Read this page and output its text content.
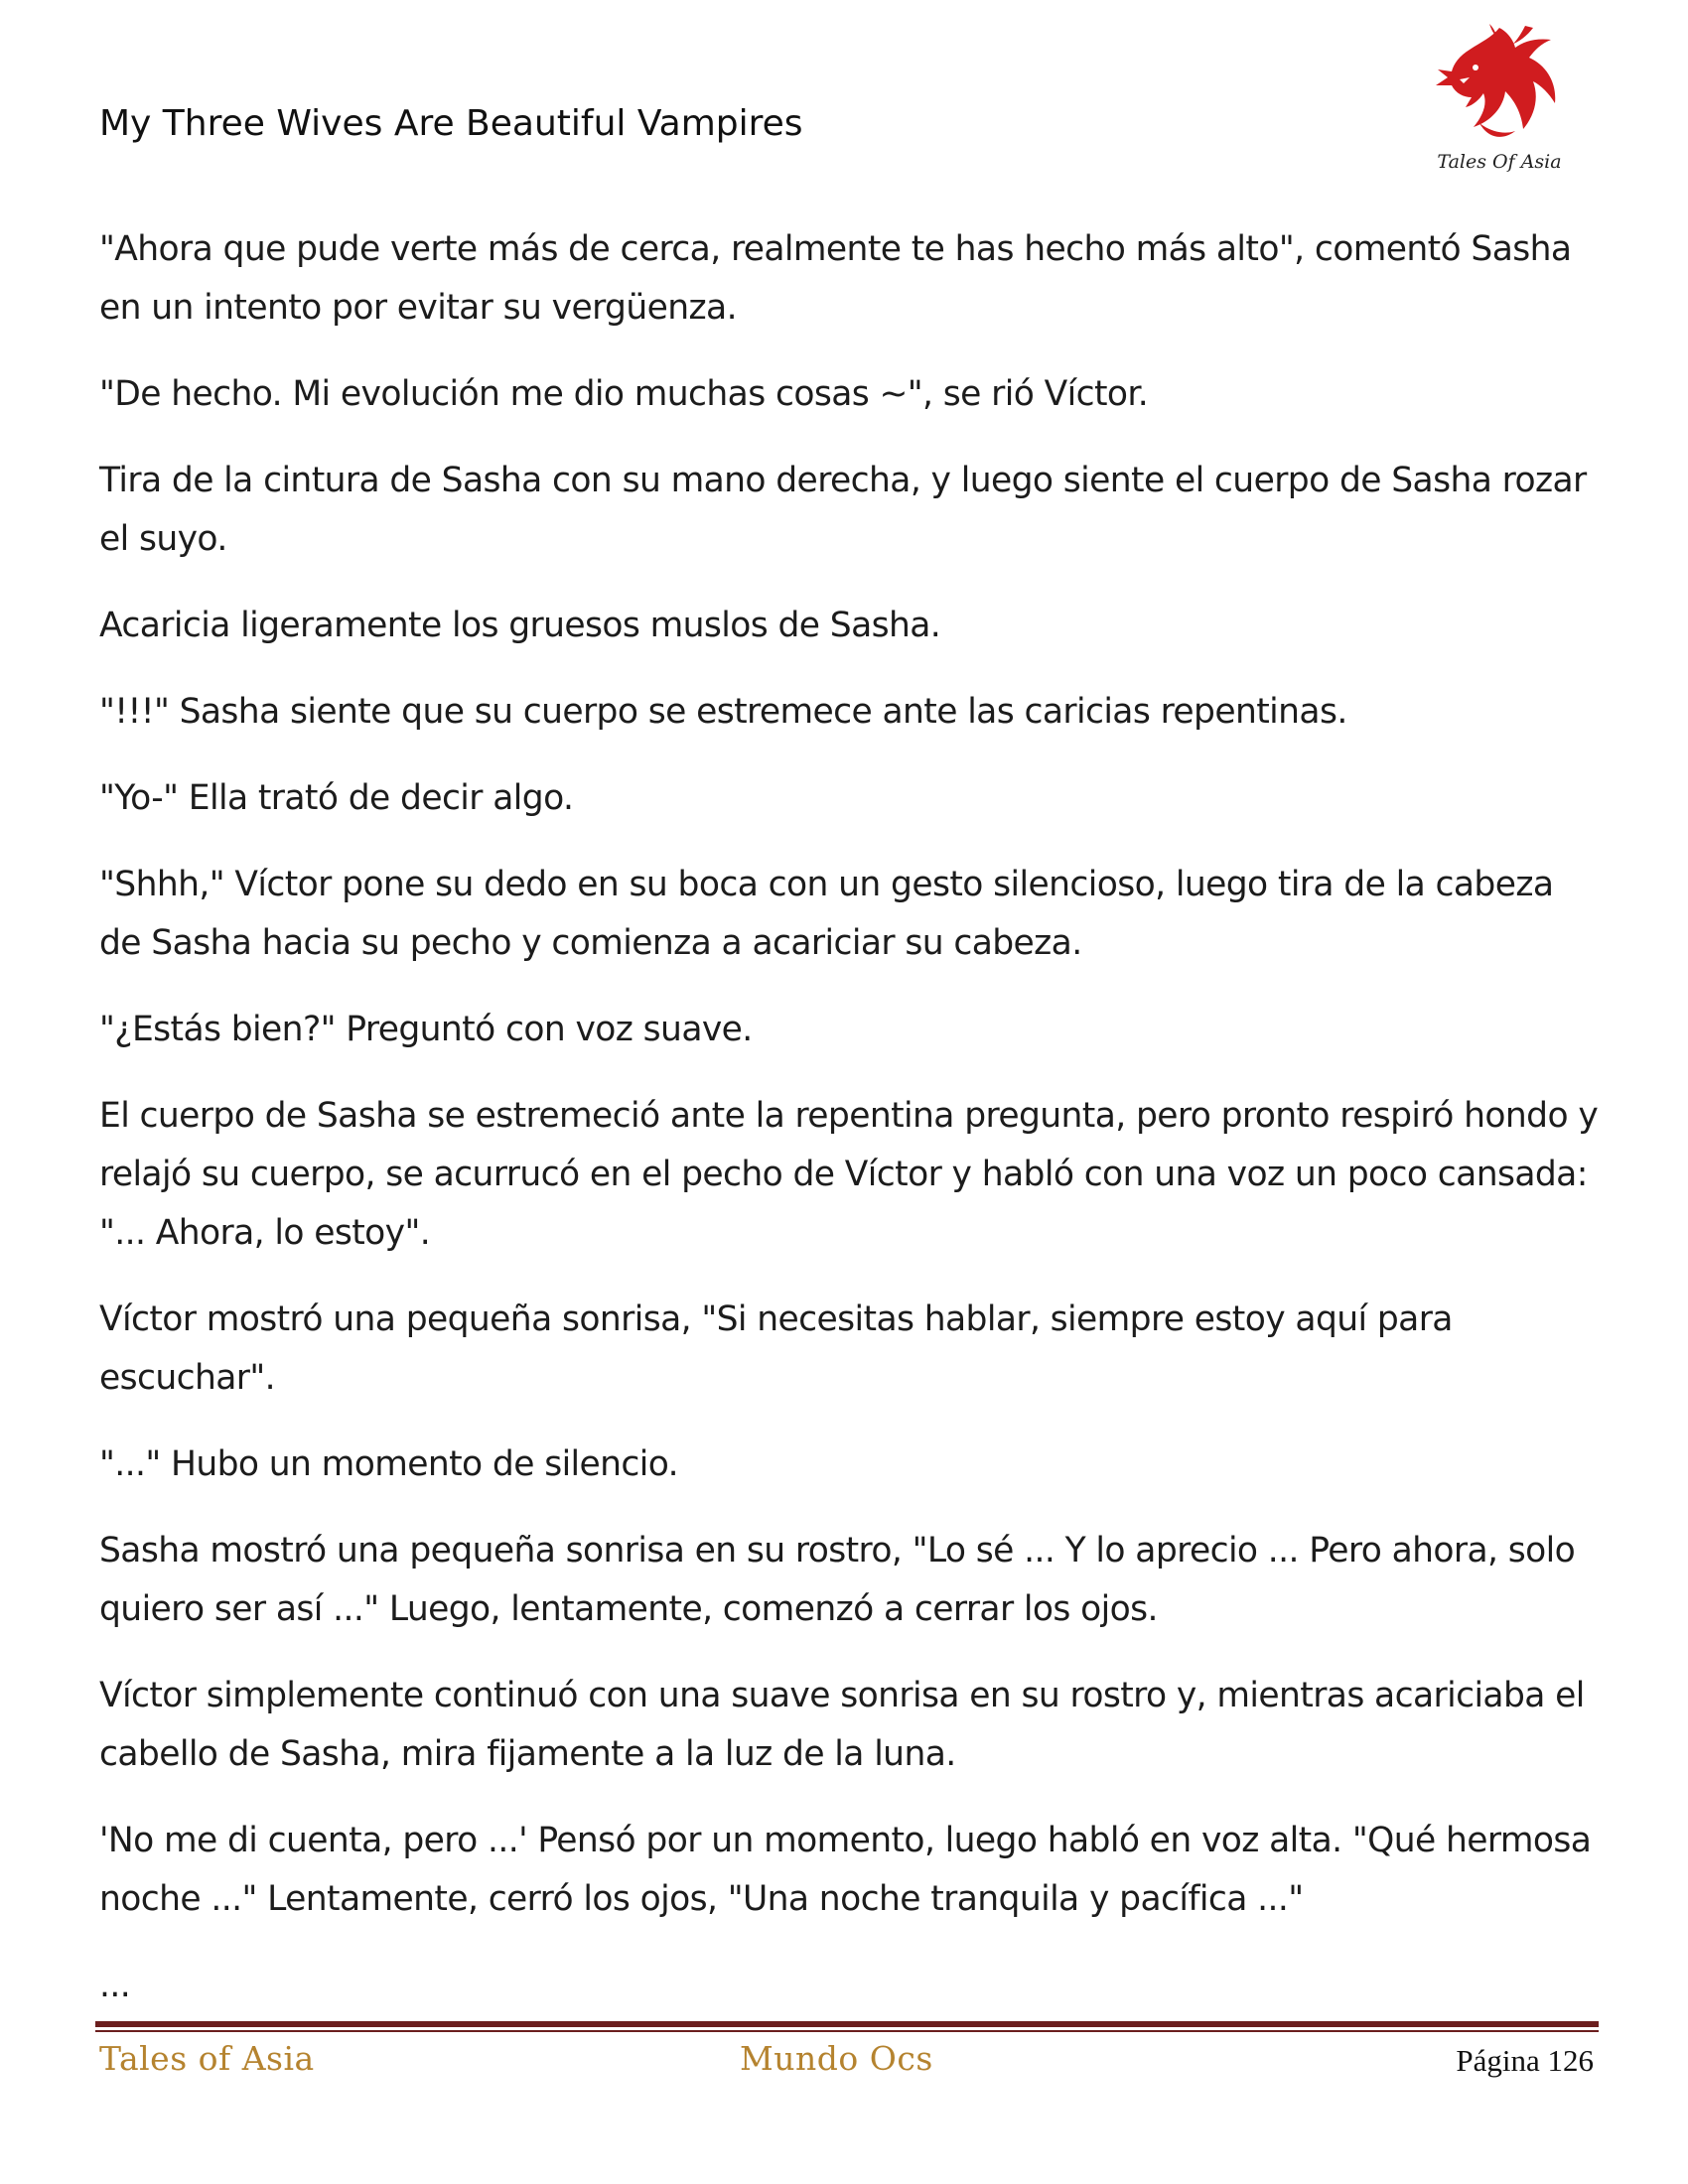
My Three Wives Are Beautiful Vampires
Tales Of Asia

"Ahora que pude verte más de cerca, realmente te has hecho más alto", comentó Sasha en un intento por evitar su vergüenza.

"De hecho. Mi evolución me dio muchas cosas ~", se rió Víctor.

Tira de la cintura de Sasha con su mano derecha, y luego siente el cuerpo de Sasha rozar el suyo.

Acaricia ligeramente los gruesos muslos de Sasha.

"!!!" Sasha siente que su cuerpo se estremece ante las caricias repentinas.

"Yo-" Ella trató de decir algo.

"Shhh," Víctor pone su dedo en su boca con un gesto silencioso, luego tira de la cabeza de Sasha hacia su pecho y comienza a acariciar su cabeza.

"¿Estás bien?" Preguntó con voz suave.

El cuerpo de Sasha se estremeció ante la repentina pregunta, pero pronto respiró hondo y relajó su cuerpo, se acurrucó en el pecho de Víctor y habló con una voz un poco cansada: "... Ahora, lo estoy".

Víctor mostró una pequeña sonrisa, "Si necesitas hablar, siempre estoy aquí para escuchar".

"..." Hubo un momento de silencio.

Sasha mostró una pequeña sonrisa en su rostro, "Lo sé ... Y lo aprecio ... Pero ahora, solo quiero ser así ..." Luego, lentamente, comenzó a cerrar los ojos.

Víctor simplemente continuó con una suave sonrisa en su rostro y, mientras acariciaba el cabello de Sasha, mira fijamente a la luz de la luna.

'No me di cuenta, pero ...' Pensó por un momento, luego habló en voz alta. "Qué hermosa noche ..." Lentamente, cerró los ojos, "Una noche tranquila y pacífica ..."

...

Tales of Asia	Mundo Ocs	Página 126
